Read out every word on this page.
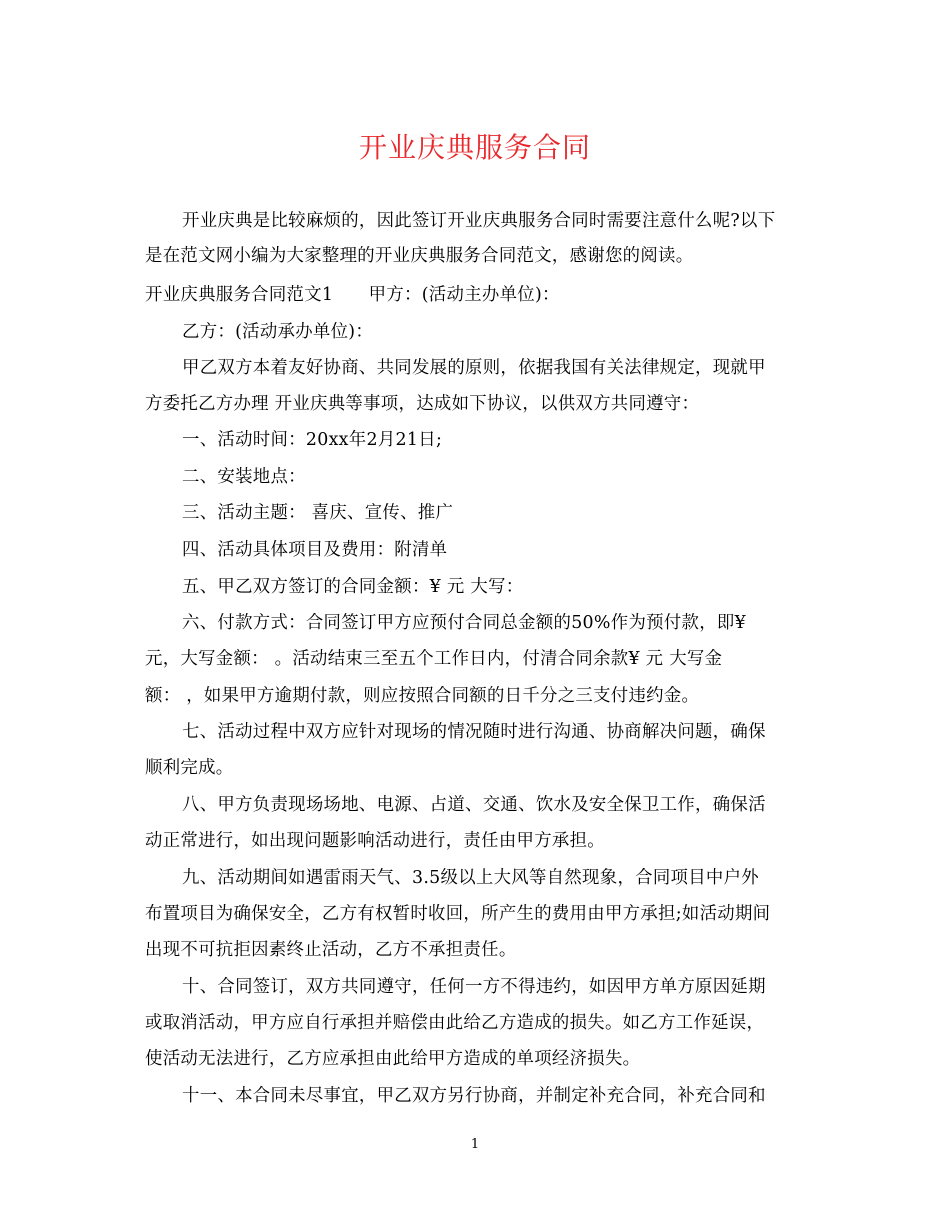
开业庆典服务合同
开业庆典是比较麻烦的，因此签订开业庆典服务合同时需要注意什么呢?以下
是在范文网小编为大家整理的开业庆典服务合同范文，感谢您的阅读。
开业庆典服务合同范文1　　甲方：(活动主办单位)：
乙方：(活动承办单位)：
甲乙双方本着友好协商、共同发展的原则，依据我国有关法律规定，现就甲
方委托乙方办理 开业庆典等事项，达成如下协议，以供双方共同遵守：
一、活动时间：20xx年2月21日;
二、安装地点：
三、活动主题： 喜庆、宣传、推广
四、活动具体项目及费用：附清单
五、甲乙双方签订的合同金额：¥ 元 大写：
六、付款方式：合同签订甲方应预付合同总金额的50%作为预付款，即¥
元，大写金额： 。活动结束三至五个工作日内，付清合同余款¥ 元 大写金
额： ，如果甲方逾期付款，则应按照合同额的日千分之三支付违约金。
七、活动过程中双方应针对现场的情况随时进行沟通、协商解决问题，确保
顺利完成。
八、甲方负责现场场地、电源、占道、交通、饮水及安全保卫工作，确保活
动正常进行，如出现问题影响活动进行，责任由甲方承担。
九、活动期间如遇雷雨天气、3.5级以上大风等自然现象，合同项目中户外
布置项目为确保安全，乙方有权暂时收回，所产生的费用由甲方承担;如活动期间
出现不可抗拒因素终止活动，乙方不承担责任。
十、合同签订，双方共同遵守，任何一方不得违约，如因甲方单方原因延期
或取消活动，甲方应自行承担并赔偿由此给乙方造成的损失。如乙方工作延误，
使活动无法进行，乙方应承担由此给甲方造成的单项经济损失。
十一、本合同未尽事宜，甲乙双方另行协商，并制定补充合同，补充合同和
1
